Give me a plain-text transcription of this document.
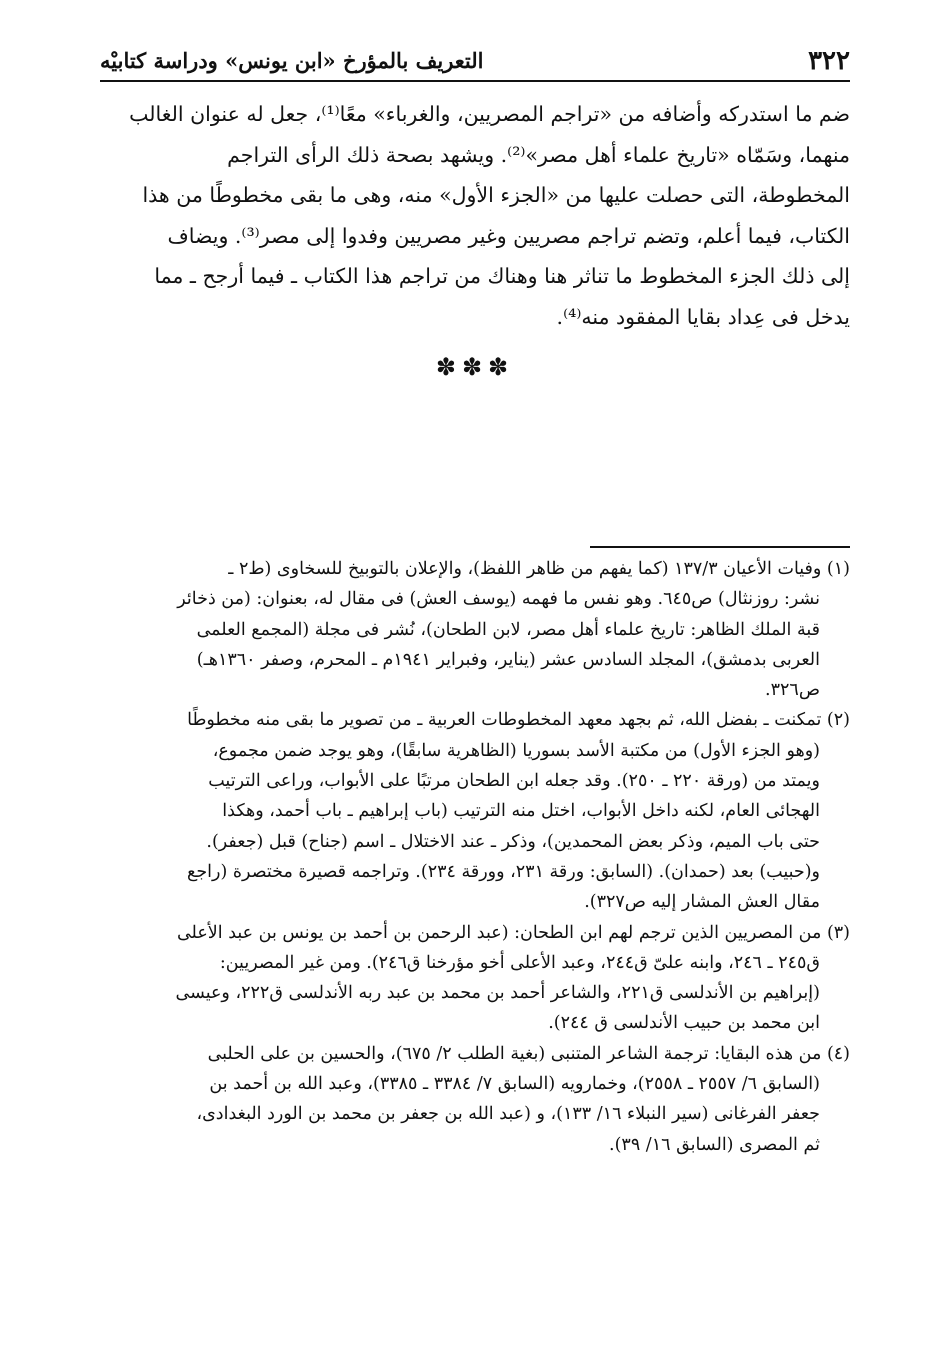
٣٢٢
التعريف بالمؤرخ «ابن يونس» ودراسة كتابيْه
ضم ما استدركه وأضافه من «تراجم المصريين، والغرباء» معًا⁽¹⁾، جعل له عنوان الغالب
منهما، وسَمّاه «تاريخ علماء أهل مصر»⁽²⁾. ويشهد بصحة ذلك الرأى التراجم
المخطوطة، التى حصلت عليها من «الجزء الأول» منه، وهى ما بقى مخطوطًا من هذا
الكتاب، فيما أعلم، وتضم تراجم مصريين وغير مصريين وفدوا إلى مصر⁽³⁾. ويضاف
إلى ذلك الجزء المخطوط ما تناثر هنا وهناك من تراجم هذا الكتاب ـ فيما أرجح ـ مما
يدخل فى عِداد بقايا المفقود منه⁽⁴⁾.
✽✽✽
(١) وفيات الأعيان ١٣٧/٣ (كما يفهم من ظاهر اللفظ)، والإعلان بالتوبيخ للسخاوى (ط٢ ـ
نشر: روزنثال) ص٦٤٥. وهو نفس ما فهمه (يوسف العش) فى مقال له، بعنوان: (من ذخائر
قبة الملك الظاهر: تاريخ علماء أهل مصر، لابن الطحان)، نُشر فى مجلة (المجمع العلمى
العربى بدمشق)، المجلد السادس عشر (يناير، وفبراير ١٩٤١م ـ المحرم، وصفر ١٣٦٠هـ)
ص٣٢٦.
(٢) تمكنت ـ بفضل الله، ثم بجهد معهد المخطوطات العربية ـ من تصوير ما بقى منه مخطوطًا
(وهو الجزء الأول) من مكتبة الأسد بسوريا (الظاهرية سابقًا)، وهو يوجد ضمن مجموع،
ويمتد من (ورقة ٢٢٠ ـ ٢٥٠). وقد جعله ابن الطحان مرتبًا على الأبواب، وراعى الترتيب
الهجائى العام، لكنه داخل الأبواب، اختل منه الترتيب (باب إبراهيم ـ باب أحمد، وهكذا
حتى باب الميم، وذكر بعض المحمدين)، وذكر ـ عند الاختلال ـ اسم (جناح) قبل (جعفر).
و(حبيب) بعد (حمدان). (السابق: ورقة ٢٣١، وورقة ٢٣٤). وتراجمه قصيرة مختصرة (راجع
مقال العش المشار إليه ص٣٢٧).
(٣) من المصريين الذين ترجم لهم ابن الطحان: (عبد الرحمن بن أحمد بن يونس بن عبد الأعلى
ق٢٤٥ ـ ٢٤٦، وابنه علىّ ق٢٤٤، وعبد الأعلى أخو مؤرخنا ق٢٤٦). ومن غير المصريين:
(إبراهيم بن الأندلسى ق٢٢١، والشاعر أحمد بن محمد بن عبد ربه الأندلسى ق٢٢٢، وعيسى
ابن محمد بن حبيب الأندلسى ق ٢٤٤).
(٤) من هذه البقايا: ترجمة الشاعر المتنبى (بغية الطلب ٢/ ٦٧٥)، والحسين بن على الحلبى
(السابق ٦/ ٢٥٥٧ ـ ٢٥٥٨)، وخمارويه (السابق ٧/ ٣٣٨٤ ـ ٣٣٨٥)، وعبد الله بن أحمد بن
جعفر الفرغانى (سير النبلاء ١٦/ ١٣٣)، و (عبد الله بن جعفر بن محمد بن الورد البغدادى،
ثم المصرى (السابق ١٦/ ٣٩).
